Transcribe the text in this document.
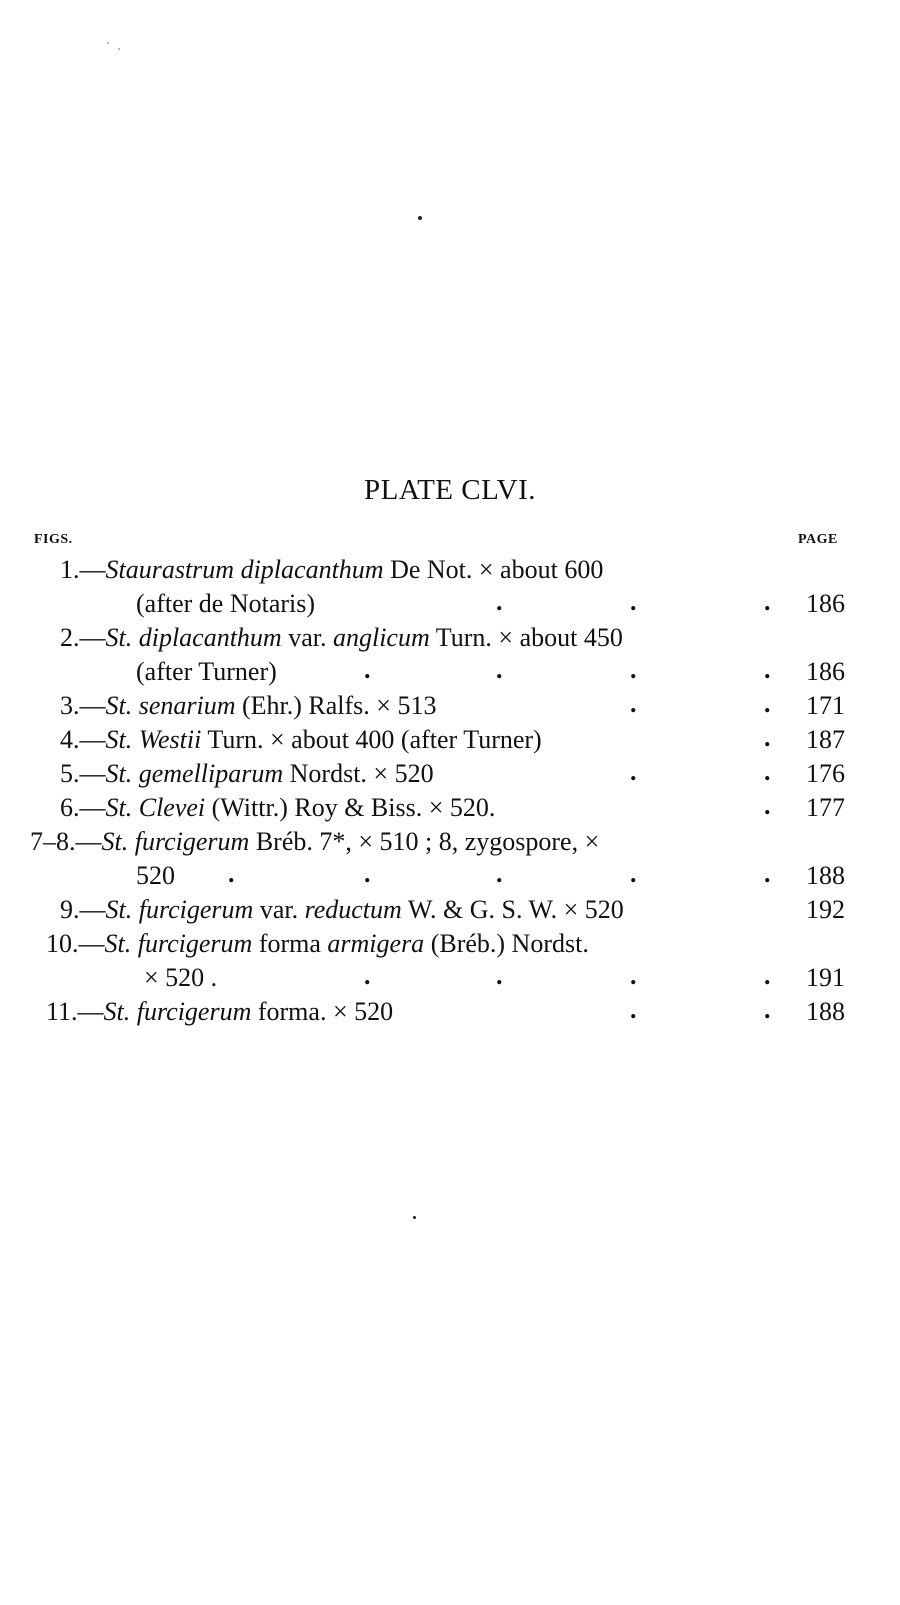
PLATE CLVI.
FIGS.	PAGE
1.—Staurastrum diplacanthum De Not. × about 600
(after de Notaris)	.	.	. 186
2.—St. diplacanthum var. anglicum Turn. × about 450
(after Turner)	.	.	.	. 186
3.—St. senarium (Ehr.) Ralfs. × 513	.	. 171
4.—St. Westii Turn. × about 400 (after Turner)	. 187
5.—St. gemelliparum Nordst. × 520	.	. 176
6.—St. Clevei (Wittr.) Roy & Biss. × 520.	. 177
7–8.—St. furcigerum Bréb. 7*, × 510 ; 8, zygospore, ×
520 .	.	.	.	. 188
9.—St. furcigerum var. reductum W. & G. S. W. × 520	192
10.—St. furcigerum forma armigera (Bréb.) Nordst.
× 520 .	.	.	.	. 191
11.—St. furcigerum forma. × 520	.	. 188
